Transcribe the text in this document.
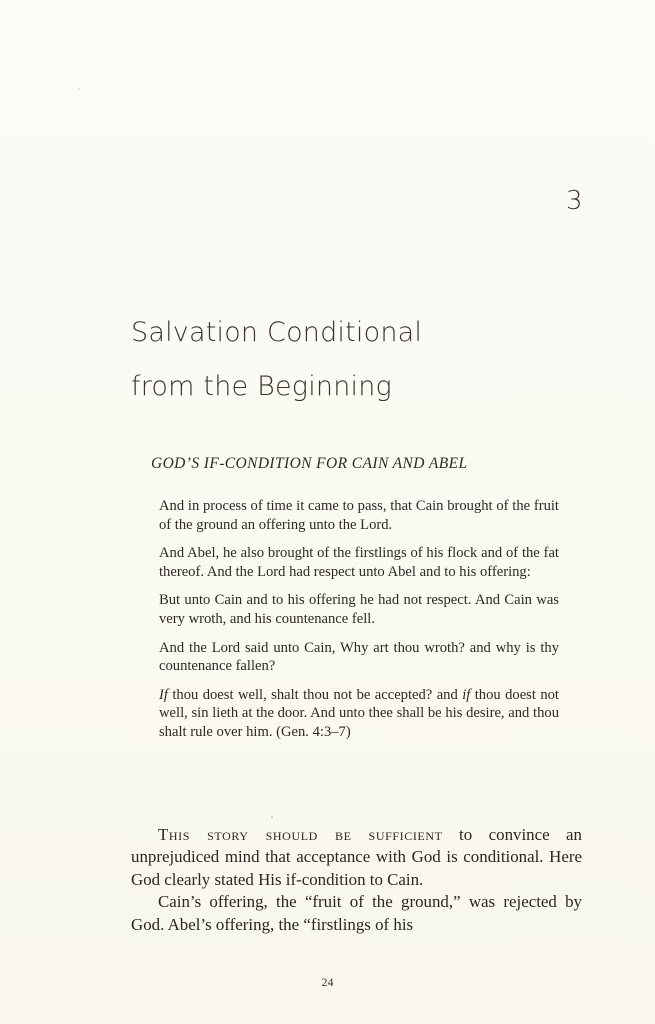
3
Salvation Conditional
from the Beginning
GOD’S IF-CONDITION FOR CAIN AND ABEL

And in process of time it came to pass, that Cain brought of the fruit of the ground an offering unto the Lord.

And Abel, he also brought of the firstlings of his flock and of the fat thereof. And the Lord had respect unto Abel and to his offering:

But unto Cain and to his offering he had not respect. And Cain was very wroth, and his countenance fell.

And the Lord said unto Cain, Why art thou wroth? and why is thy countenance fallen?

If thou doest well, shalt thou not be accepted? and if thou doest not well, sin lieth at the door. And unto thee shall be his desire, and thou shalt rule over him. (Gen. 4:3–7)

This story should be sufficient to convince an unprejudiced mind that acceptance with God is conditional. Here God clearly stated His if-condition to Cain.

Cain’s offering, the “fruit of the ground,” was rejected by God. Abel’s offering, the “firstlings of his

24
